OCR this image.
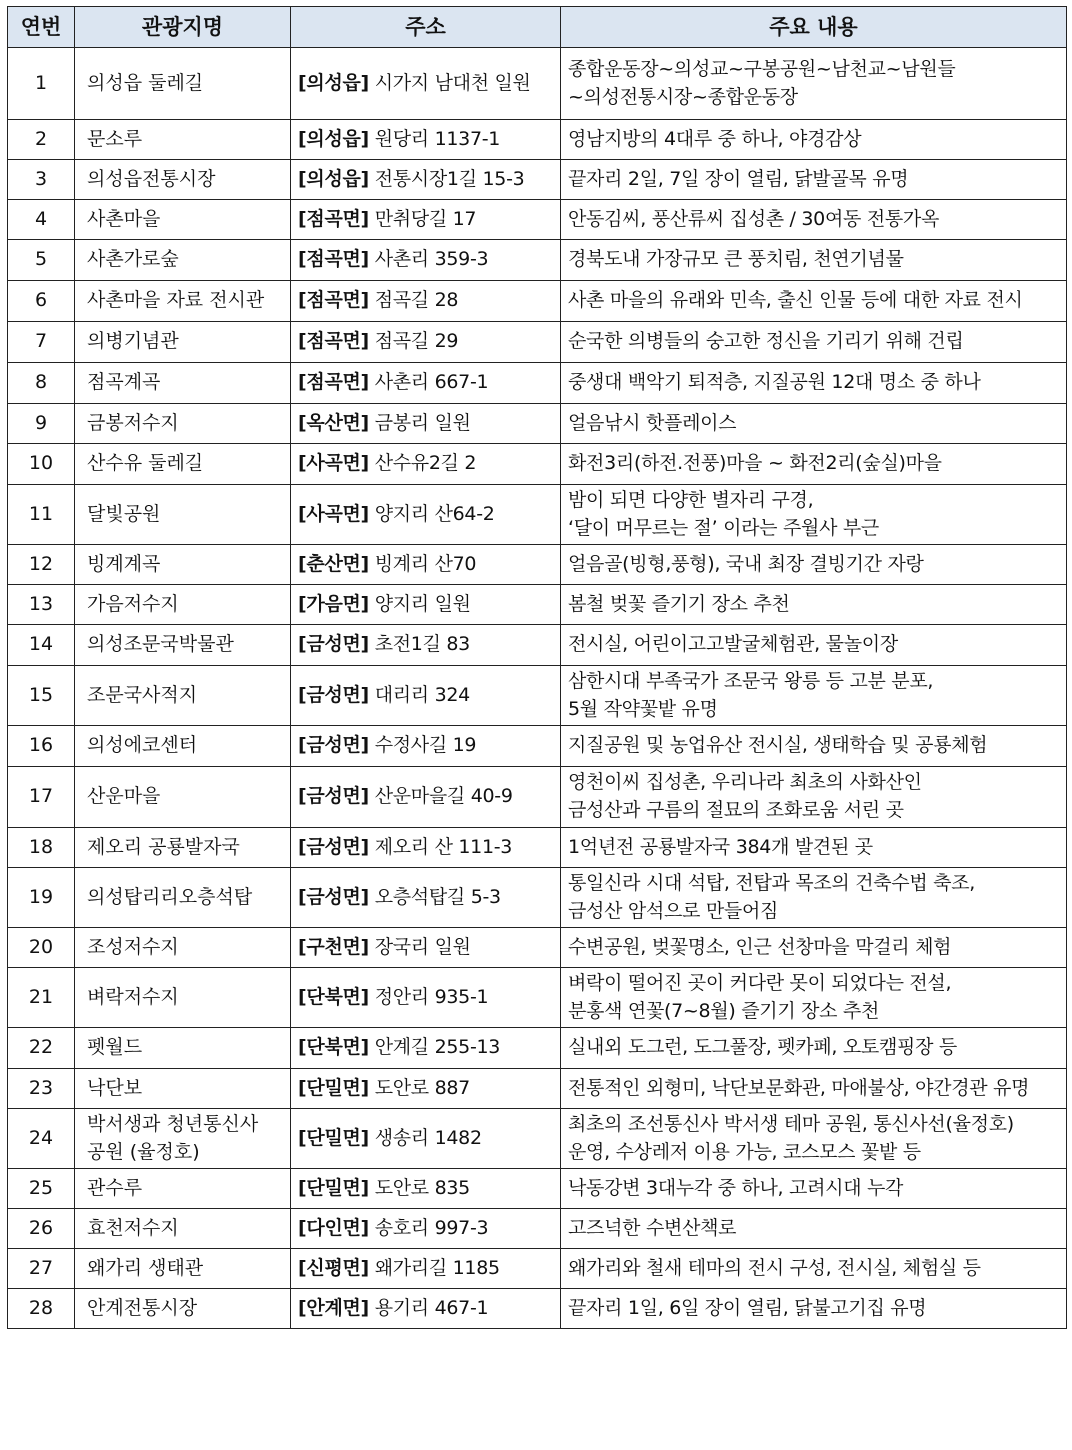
연번	관광지명	주소	주요 내용
1	의성읍 둘레길	[의성읍] 시가지 남대천 일원	종합운동장~의성교~구봉공원~남천교~남원들
~의성전통시장~종합운동장

2	문소루	[의성읍] 원당리 1137-1	영남지방의 4대루 중 하나, 야경감상

3	의성읍전통시장	[의성읍] 전통시장1길 15-3	끝자리 2일, 7일 장이 열림, 닭발골목 유명

4	사촌마을	[점곡면] 만취당길 17	안동김씨, 풍산류씨 집성촌 / 30여동 전통가옥

5	사촌가로숲	[점곡면] 사촌리 359-3	경북도내 가장규모 큰 풍치림, 천연기념물

6	사촌마을 자료 전시관	[점곡면] 점곡길 28	사촌 마을의 유래와 민속, 출신 인물 등에 대한 자료 전시

7	의병기념관	[점곡면] 점곡길 29	순국한 의병들의 숭고한 정신을 기리기 위해 건립

8	점곡계곡	[점곡면] 사촌리 667-1	중생대 백악기 퇴적층, 지질공원 12대 명소 중 하나

9	금봉저수지	[옥산면] 금봉리 일원	얼음낚시 핫플레이스

10	산수유 둘레길	[사곡면] 산수유2길 2	화전3리(하전.전풍)마을 ~ 화전2리(숲실)마을

11	달빛공원	[사곡면] 양지리 산64-2	밤이 되면 다양한 별자리 구경,
‘달이 머무르는 절’ 이라는 주월사 부근

12	빙계계곡	[춘산면] 빙계리 산70	얼음골(빙형,풍형), 국내 최장 결빙기간 자랑

13	가음저수지	[가음면] 양지리 일원	봄철 벚꽃 즐기기 장소 추천

14	의성조문국박물관	[금성면] 초전1길 83	전시실, 어린이고고발굴체험관, 물놀이장

15	조문국사적지	[금성면] 대리리 324	삼한시대 부족국가 조문국 왕릉 등 고분 분포,
5월 작약꽃밭 유명

16	의성에코센터	[금성면] 수정사길 19	지질공원 및 농업유산 전시실, 생태학습 및 공룡체험

17	산운마을	[금성면] 산운마을길 40-9	영천이씨 집성촌, 우리나라 최초의 사화산인
금성산과 구름의 절묘의 조화로움 서린 곳

18	제오리 공룡발자국	[금성면] 제오리 산 111-3	1억년전 공룡발자국 384개 발견된 곳

19	의성탑리리오층석탑	[금성면] 오층석탑길 5-3	통일신라 시대 석탑, 전탑과 목조의 건축수법 축조,
금성산 암석으로 만들어짐

20	조성저수지	[구천면] 장국리 일원	수변공원, 벚꽃명소, 인근 선창마을 막걸리 체험

21	벼락저수지	[단북면] 정안리 935-1	벼락이 떨어진 곳이 커다란 못이 되었다는 전설,
분홍색 연꽃(7~8월) 즐기기 장소 추천

22	펫월드	[단북면] 안계길 255-13	실내외 도그런, 도그풀장, 펫카페, 오토캠핑장 등

23	낙단보	[단밀면] 도안로 887	전통적인 외형미, 낙단보문화관, 마애불상, 야간경관 유명

24	박서생과 청년통신사
공원 (율정호)	[단밀면] 생송리 1482	최초의 조선통신사 박서생 테마 공원, 통신사선(율정호)
운영, 수상레저 이용 가능, 코스모스 꽃밭 등

25	관수루	[단밀면] 도안로 835	낙동강변 3대누각 중 하나, 고려시대 누각

26	효천저수지	[다인면] 송호리 997-3	고즈넉한 수변산책로

27	왜가리 생태관	[신평면] 왜가리길 1185	왜가리와 철새 테마의 전시 구성, 전시실, 체험실 등

28	안계전통시장	[안계면] 용기리 467-1	끝자리 1일, 6일 장이 열림, 닭불고기집 유명
